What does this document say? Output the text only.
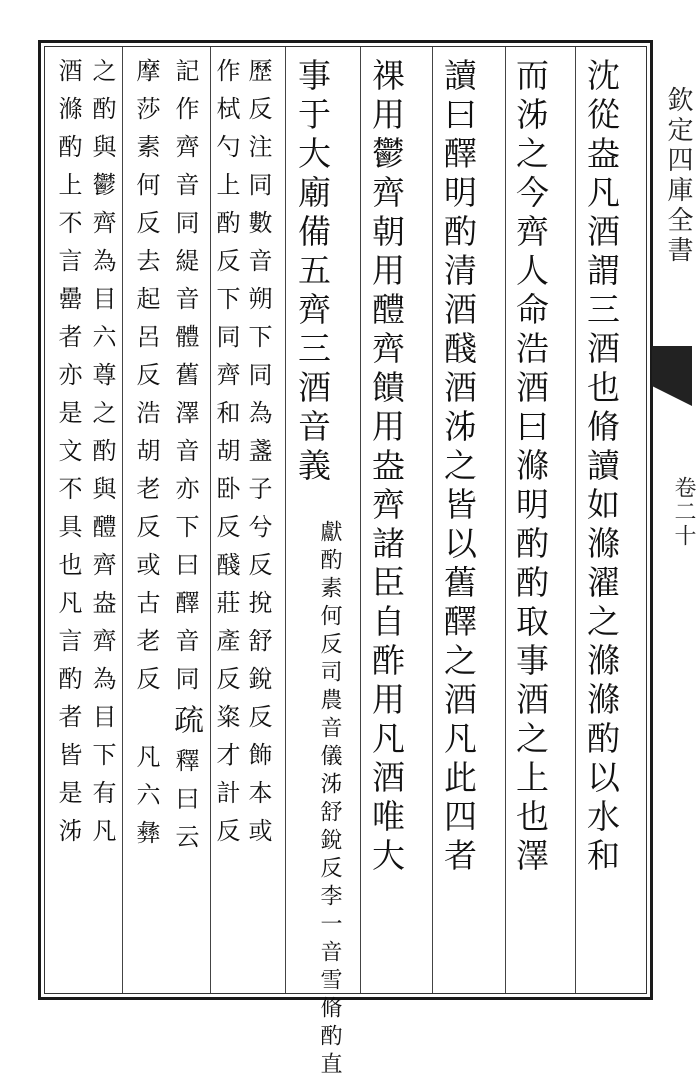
沈從盎凡酒謂三酒也脩讀如滌濯之滌滌酌以水和
而泲之今齊人命浩酒曰滌明酌酌取事酒之上也澤
讀曰醳明酌清酒醆酒泲之皆以舊醳之酒凡此四者
祼用鬱齊朝用醴齊饋用盎齊諸臣自酢用凡酒唯大
事于大廟備五齊三酒音義
獻酌素何反司農音儀泲舒銳反李一音雪脩酌直
歷反注同數音朔下同為盞子兮反挩舒銳反飾本或
作栻勺上酌反下同齊和胡卧反醆莊產反粢才計反
記作齊音同緹音體舊澤音亦下曰醳音同疏釋曰云
摩莎素何反去起呂反浩胡老反或古老反凡六彝
之酌與鬱齊為目六尊之酌與醴齊盎齊為目下有凡
酒滌酌上不言罍者亦是文不具也凡言酌者皆是泲	欽定四庫全書
卷二十
